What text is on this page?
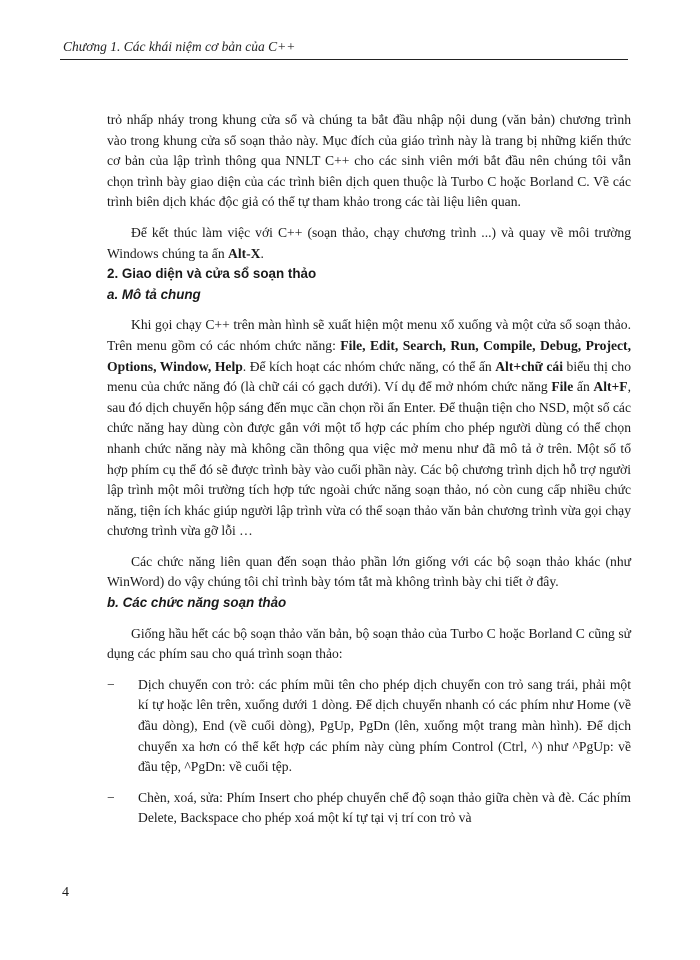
Chương 1. Các khái niệm cơ bản của C++

trỏ nhấp nháy trong khung cửa sổ và chúng ta bắt đầu nhập nội dung (văn bản) chương trình vào trong khung cửa sổ soạn thảo này. Mục đích của giáo trình này là trang bị những kiến thức cơ bản của lập trình thông qua NNLT C++ cho các sinh viên mới bắt đầu nên chúng tôi vẫn chọn trình bày giao diện của các trình biên dịch quen thuộc là Turbo C hoặc Borland C. Về các trình biên dịch khác độc giả có thể tự tham khảo trong các tài liệu liên quan.

Để kết thúc làm việc với C++ (soạn thảo, chạy chương trình ...) và quay về môi trường Windows chúng ta ấn Alt-X.

2. Giao diện và cửa sổ soạn thảo

a. Mô tả chung

Khi gọi chạy C++ trên màn hình sẽ xuất hiện một menu xổ xuống và một cửa sổ soạn thảo. Trên menu gồm có các nhóm chức năng: File, Edit, Search, Run, Compile, Debug, Project, Options, Window, Help. Để kích hoạt các nhóm chức năng, có thể ấn Alt+chữ cái biểu thị cho menu của chức năng đó (là chữ cái có gạch dưới). Ví dụ để mở nhóm chức năng File ấn Alt+F, sau đó dịch chuyển hộp sáng đến mục cần chọn rồi ấn Enter. Để thuận tiện cho NSD, một số các chức năng hay dùng còn được gắn với một tổ hợp các phím cho phép người dùng có thể chọn nhanh chức năng này mà không cần thông qua việc mở menu như đã mô tả ở trên. Một số tổ hợp phím cụ thể đó sẽ được trình bày vào cuối phần này. Các bộ chương trình dịch hỗ trợ người lập trình một môi trường tích hợp tức ngoài chức năng soạn thảo, nó còn cung cấp nhiều chức năng, tiện ích khác giúp người lập trình vừa có thể soạn thảo văn bản chương trình vừa gọi chạy chương trình vừa gỡ lỗi …

Các chức năng liên quan đến soạn thảo phần lớn giống với các bộ soạn thảo khác (như WinWord) do vậy chúng tôi chỉ trình bày tóm tắt mà không trình bày chi tiết ở đây.

b. Các chức năng soạn thảo

Giống hầu hết các bộ soạn thảo văn bản, bộ soạn thảo của Turbo C hoặc Borland C cũng sử dụng các phím sau cho quá trình soạn thảo:

− Dịch chuyển con trỏ: các phím mũi tên cho phép dịch chuyển con trỏ sang trái, phải một kí tự hoặc lên trên, xuống dưới 1 dòng. Để dịch chuyển nhanh có các phím như Home (về đầu dòng), End (về cuối dòng), PgUp, PgDn (lên, xuống một trang màn hình). Để dịch chuyển xa hơn có thể kết hợp các phím này cùng phím Control (Ctrl, ^) như ^PgUp: về đầu tệp, ^PgDn: về cuối tệp.
− Chèn, xoá, sửa: Phím Insert cho phép chuyển chế độ soạn thảo giữa chèn và đè. Các phím Delete, Backspace cho phép xoá một kí tự tại vị trí con trỏ và
4
